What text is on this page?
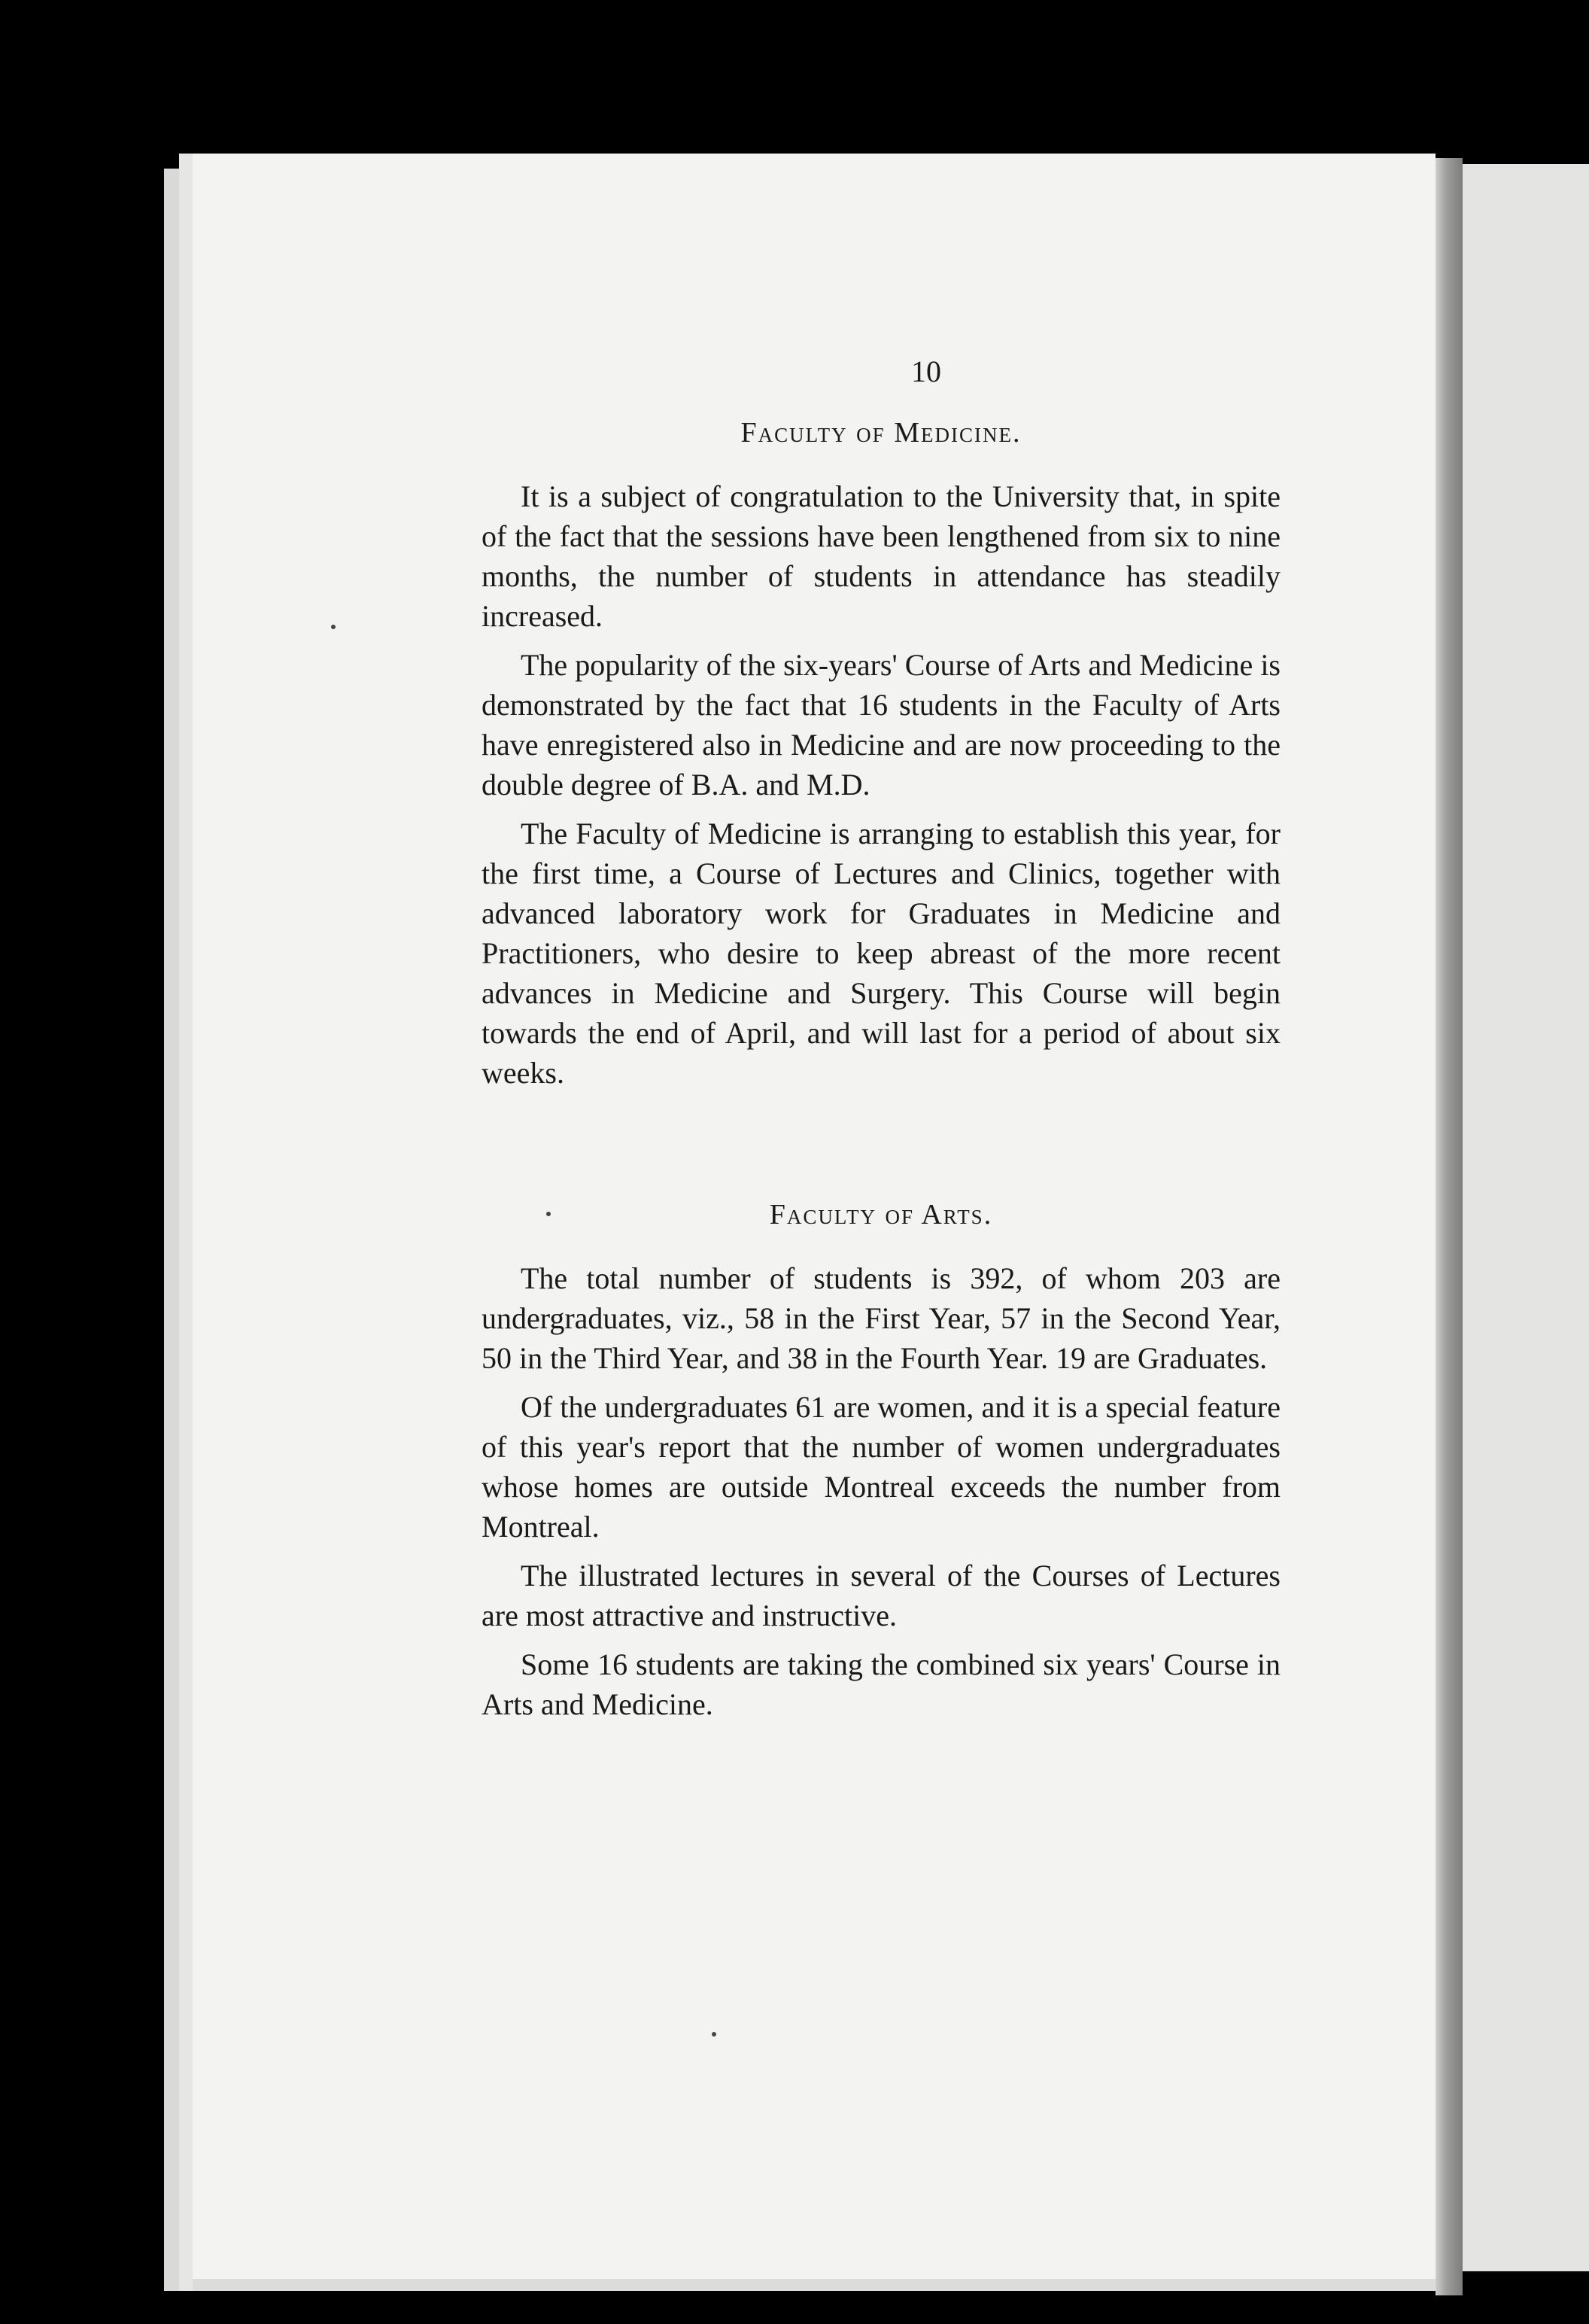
10
Faculty of Medicine.

It is a subject of congratulation to the University that, in spite of the fact that the sessions have been lengthened from six to nine months, the number of students in attendance has steadily increased.

The popularity of the six-years' Course of Arts and Medicine is demonstrated by the fact that 16 students in the Faculty of Arts have enregistered also in Medicine and are now proceeding to the double degree of B.A. and M.D.

The Faculty of Medicine is arranging to establish this year, for the first time, a Course of Lectures and Clinics, together with advanced laboratory work for Graduates in Medicine and Practitioners, who desire to keep abreast of the more recent advances in Medicine and Surgery. This Course will begin towards the end of April, and will last for a period of about six weeks.

Faculty of Arts.

The total number of students is 392, of whom 203 are undergraduates, viz., 58 in the First Year, 57 in the Second Year, 50 in the Third Year, and 38 in the Fourth Year. 19 are Graduates.

Of the undergraduates 61 are women, and it is a special feature of this year's report that the number of women undergraduates whose homes are outside Montreal exceeds the number from Montreal.

The illustrated lectures in several of the Courses of Lectures are most attractive and instructive.

Some 16 students are taking the combined six years' Course in Arts and Medicine.
